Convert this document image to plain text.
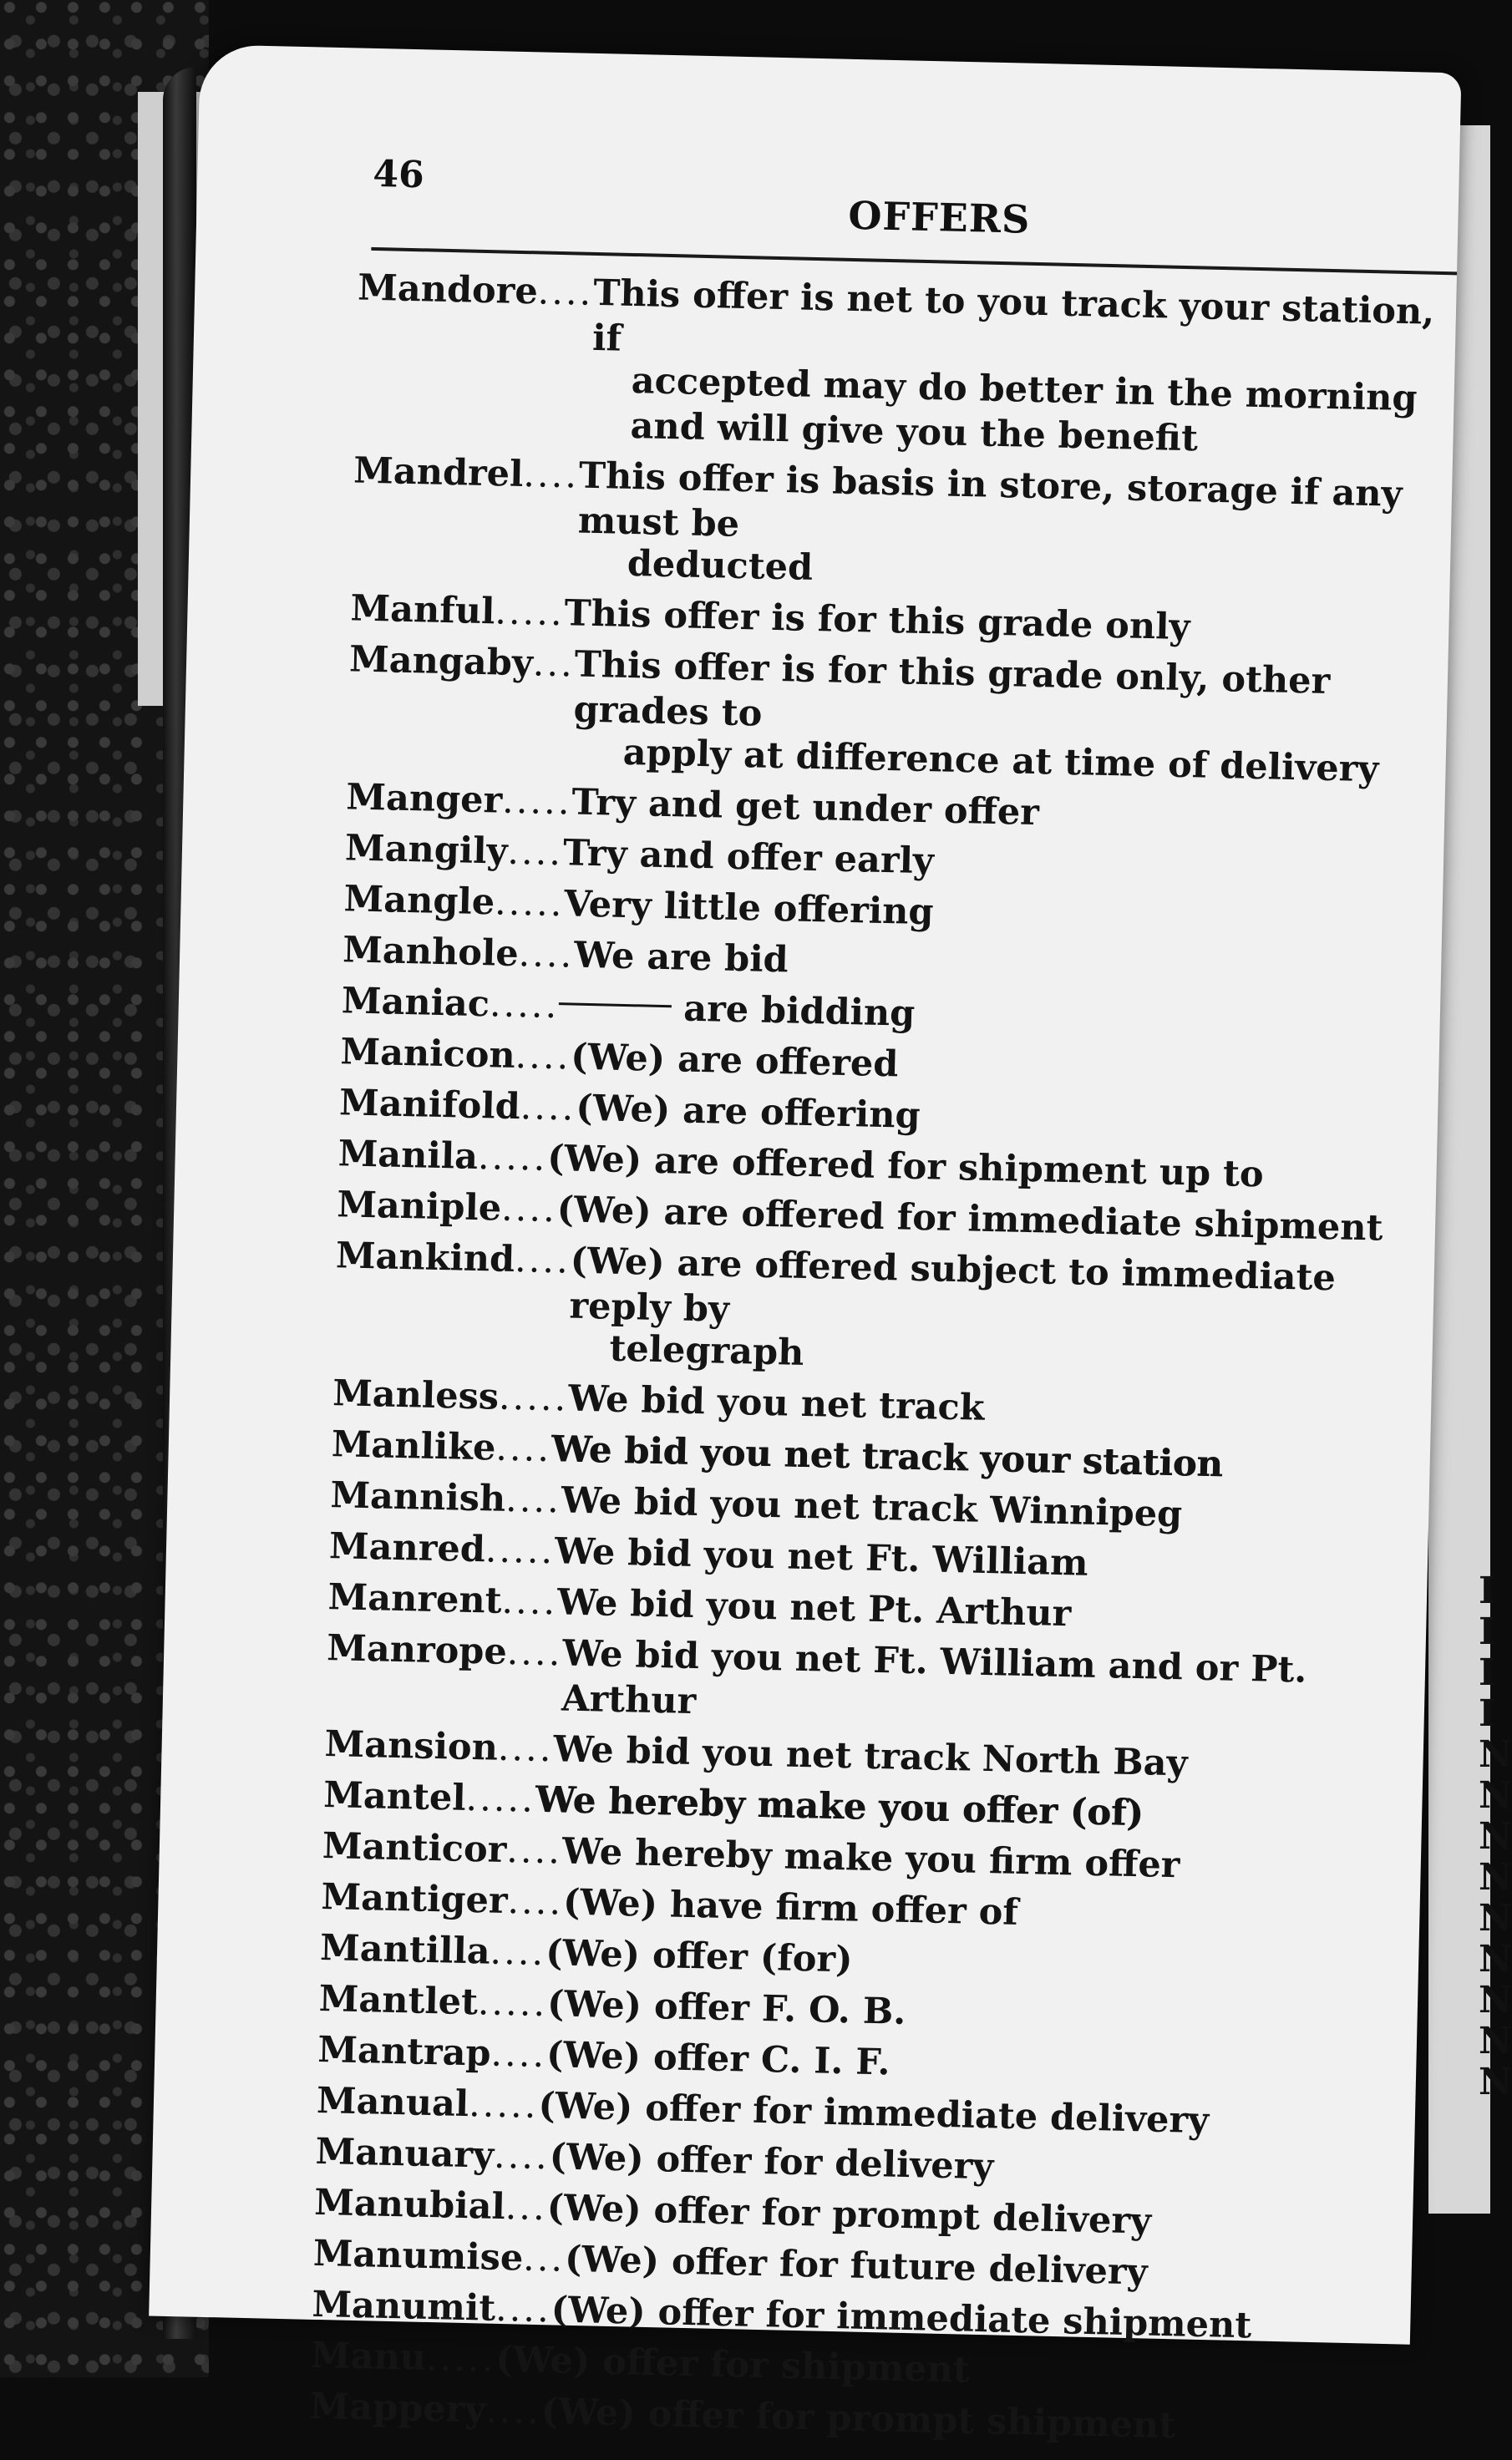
I
I
I
I
N
N
N
N
N
N
N
N
N
46
OFFERS
Mandore
....
This offer is net to you track your station, if
accepted may do better in the morning and will give you the benefit
Mandrel
....
This offer is basis in store, storage if any must be
deducted
Manful
.....
This offer is for this grade only
Mangaby
...
This offer is for this grade only, other grades to
apply at difference at time of delivery
Manger
.....
Try and get under offer
Mangily
....
Try and offer early
Mangle
.....
Very little offering
Manhole
....
We are bid
Maniac
.....	are bidding
Manicon
....
(We) are offered
Manifold
....
(We) are offering
Manila
.....
(We) are offered for shipment up to
Maniple
....
(We) are offered for immediate shipment
Mankind
....
(We) are offered subject to immediate reply by
telegraph
Manless
.....
We bid you net track
Manlike
....
We bid you net track your station
Mannish
....
We bid you net track Winnipeg
Manred
.....
We bid you net Ft. William
Manrent
....
We bid you net Pt. Arthur
Manrope
....
We bid you net Ft. William and or Pt. Arthur
Mansion
....
We bid you net track North Bay
Mantel
.....
We hereby make you offer (of)
Manticor
....
We hereby make you firm offer
Mantiger
....
(We) have firm offer of
Mantilla
....
(We) offer (for)
Mantlet
.....
(We) offer F. O. B.
Mantrap
....
(We) offer C. I. F.
Manual
.....
(We) offer for immediate delivery
Manuary
....
(We) offer for delivery
Manubial
...
(We) offer for prompt delivery
Manumise
...
(We) offer for future delivery
Manumit
....
(We) offer for immediate shipment
Manu
.....
(We) offer for shipment
Mappery
....
(We) offer for prompt shipment
